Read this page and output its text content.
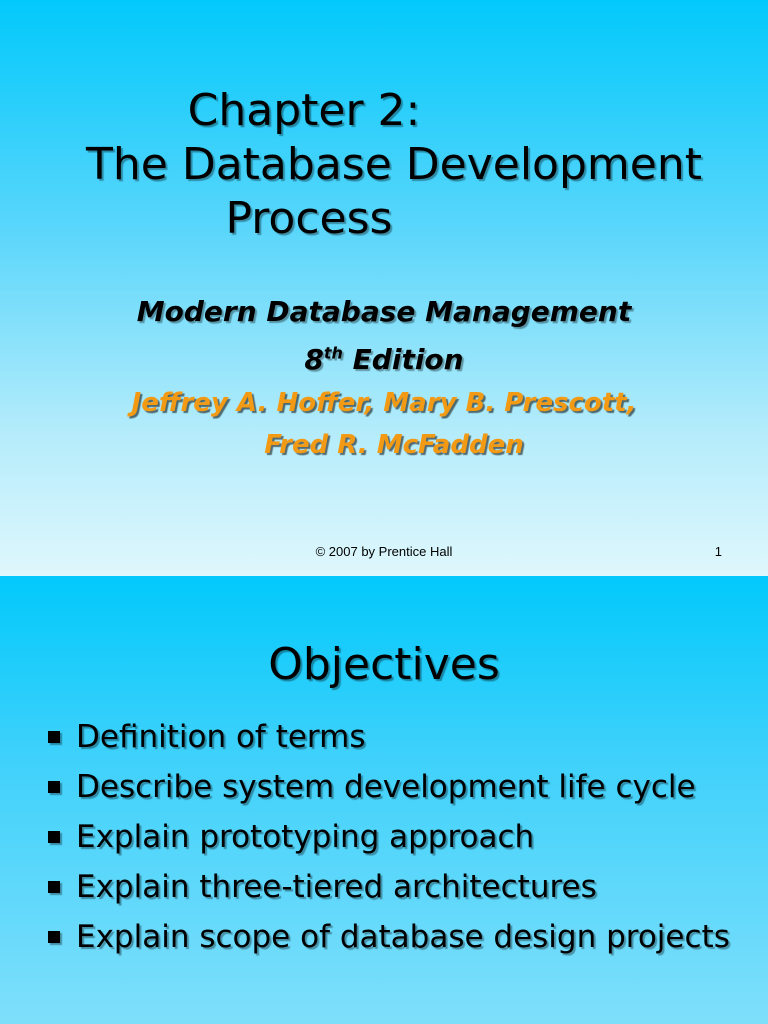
Chapter 2:
The Database Development
Process
Modern Database Management
8th Edition
Jeffrey A. Hoffer, Mary B. Prescott,
Fred R. McFadden
© 2007 by Prentice Hall	1
Objectives
Definition of terms
Describe system development life cycle
Explain prototyping approach
Explain three-tiered architectures
Explain scope of database design projects
